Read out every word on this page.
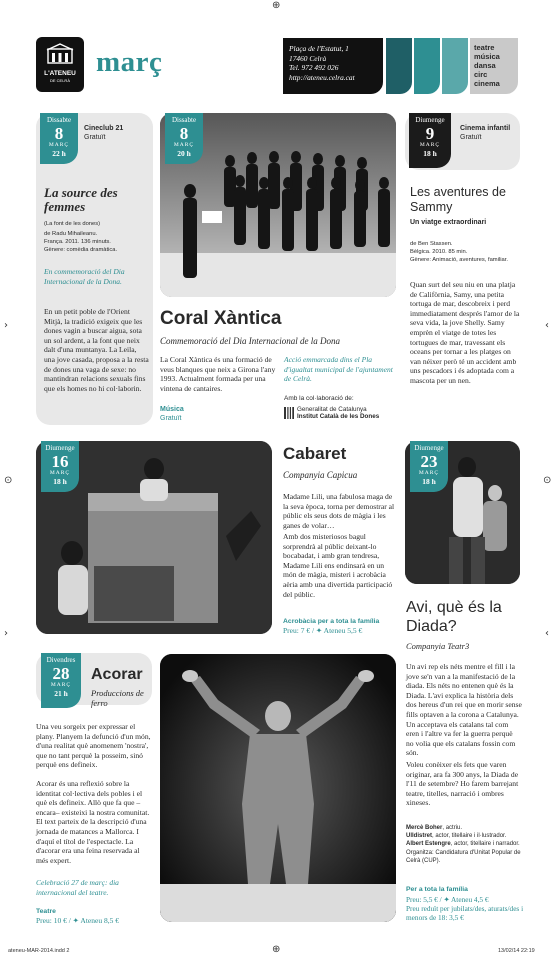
⊕
L'ATENEU
DE CELRÀ
març	Plaça de l'Estatut, 1
17460 Celrà
Tel. 972 492 026
http://ateneu.celra.cat
teatre
música
dansa
circ
cinema
›
›
⊙
‹
‹
⊙
Dissabte
8
MARÇ
22 h
Cineclub 21
Gratuït
La source des femmes
(La font de les dones)
de Radu Mihaileanu.
França. 2011. 136 minuts.
Gènere: comèdia dramàtica.
En commemoració del Dia Internacional de la Dona.
En un petit poble de l'Orient Mitjà, la tradició exigeix que les dones vagin a buscar aigua, sota un sol ardent, a la font que neix dalt d'una muntanya. La Leila, una jove casada, proposa a la resta de dones una vaga de sexe: no mantindran relacions sexuals fins que els homes no hi col·laborin.
Dissabte
8
MARÇ
20 h
Coral Xàntica
Commemoració del Dia Internacional de la Dona
La Coral Xàntica és una formació de veus blanques que neix a Girona l'any 1993. Actualment formada per una vintena de cantaires.
Música
Gratuït
Acció emmarcada dins el Pla d'igualtat municipal de l'ajuntament de Celrà.
Amb la col·laboració de:
Generalitat de Catalunya
Institut Català de les Dones
Diumenge
9
MARÇ
18 h
Cinema infantil
Gratuït
Les aventures de Sammy
Un viatge extraordinari
de Ben Stassen.
Bèlgica. 2010. 85 min.
Gènere: Animació, aventures, familiar.
Quan surt del seu niu en una platja de Califòrnia, Samy, una petita tortuga de mar, descobreix i perd immediatament després l'amor de la seva vida, la jove Shelly. Samy emprèn el viatge de totes les tortugues de mar, travessant els oceans per tornar a les platges on van néixer però té un accident amb uns pescadors i és adoptada com a mascota per un nen.
Diumenge
16
MARÇ
18 h
Cabaret
Companyia Capicua
Madame Lili, una fabulosa maga de la seva època, torna per demostrar al públic els seus dots de màgia i les ganes de volar…
Amb dos misteriosos bagul sorprendrà al públic deixant-lo bocabadat, i amb gran tendresa, Madame Lili ens endinsarà en un món de màgia, misteri i acrobàcia aèria amb una divertida participació del públic.
Acrobàcia per a tota la família
Preu: 7 € / ✦ Ateneu 5,5 €
Diumenge
23
MARÇ
18 h
Avi, què és la Diada?
Companyia Teatr3
Un avi rep els néts mentre el fill i la jove se'n van a la manifestació de la diada. Els néts no entenen què és la Diada. L'avi explica la història dels dos hereus d'un rei que en morir sense fills optaven a la corona a Catalunya. Un acceptava els catalans tal com eren i l'altre va fer la guerra perquè no volia que els catalans fossin com són.
Voleu conèixer els fets que varen originar, ara fa 300 anys, la Diada de l'11 de setembre? Ho farem barrejant teatre, titelles, narració i ombres xineses.
Mercè Boher, actriu.
Ulldistret, actor, titellaire i il·lustrador.
Albert Estengre, actor, titellaire i narrador.
Organitza: Candidatura d'Unitat Popular de Celrà (CUP).
Per a tota la família
Preu: 5,5 € / ✦ Ateneu 4,5 €
Preu reduït per jubilats/des, aturats/des i menors de 18: 3,5 €
Divendres
28
MARÇ
21 h
Acorar
Produccions de ferro
Una veu sorgeix per expressar el plany. Planyem la defunció d'un món, d'una realitat què anomenem 'nostra', que no tant perquè la posseim, sinó perquè ens defineix.
Acorar és una reflexió sobre la identitat col·lectiva dels pobles i el què els defineix. Allò que fa que –encara– existeixi la nostra comunitat. El text parteix de la descripció d'una jornada de matances a Mallorca. I d'aquí el títol de l'espectacle. La d'acorar era una feina reservada al més expert.
Celebració 27 de març: dia internacional del teatre.
Teatre
Preu: 10 € / ✦ Ateneu 8,5 €
ateneu-MAR-2014.indd 2	13/02/14 22:19
⊕
